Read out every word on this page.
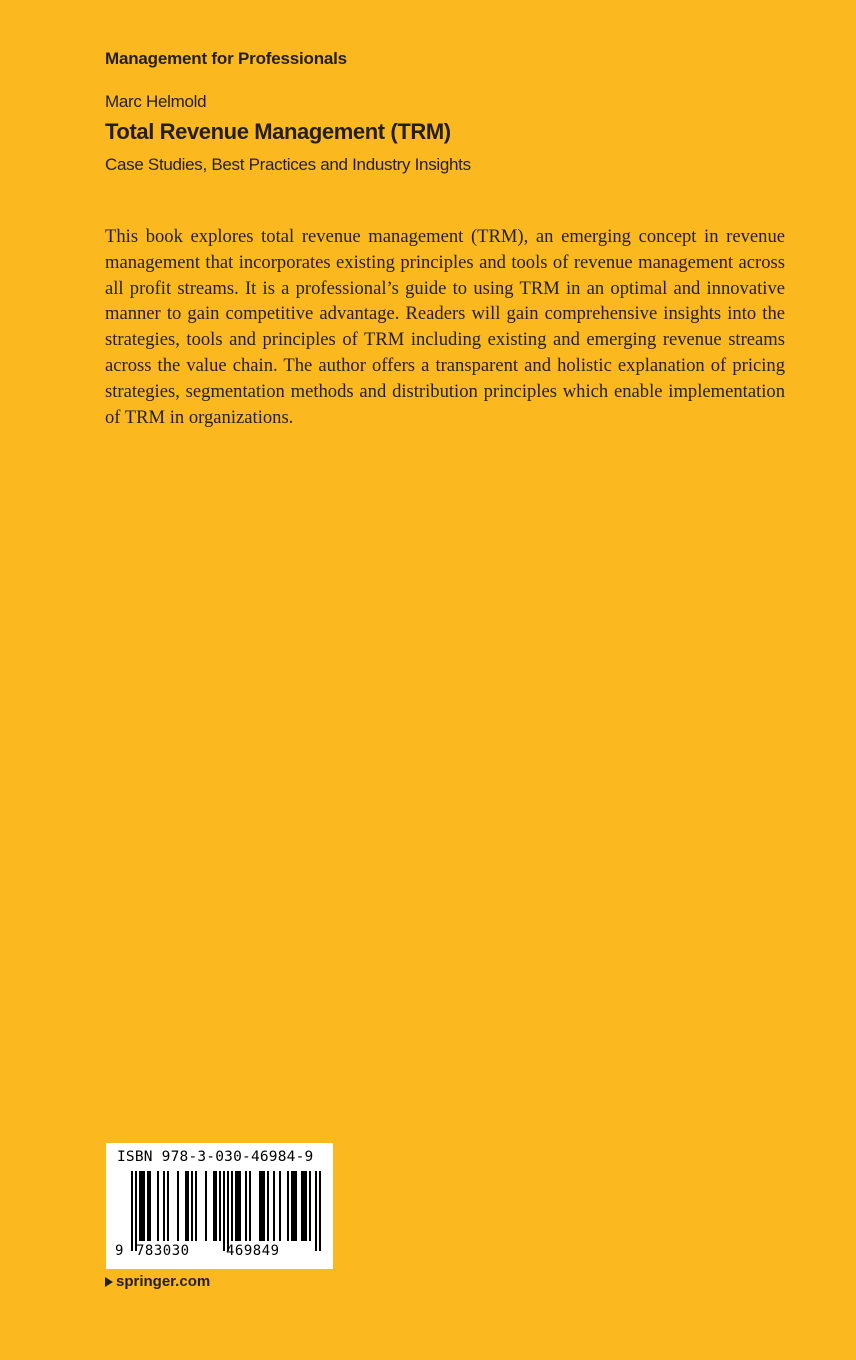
Management for Professionals
Marc Helmold
Total Revenue Management (TRM)
Case Studies, Best Practices and Industry Insights

This book explores total revenue management (TRM), an emerging concept in revenue management that incorporates existing principles and tools of revenue management across all profit streams. It is a professional’s guide to using TRM in an optimal and innovative manner to gain competitive advantage. Readers will gain comprehensive insights into the strategies, tools and principles of TRM including existing and emerging revenue streams across the value chain. The author offers a transparent and holistic explanation of pricing strategies, segmentation methods and distribution principles which enable implementation of TRM in organizations.

ISBN 978-3-030-46984-9
9 783030	469849
springer.com
